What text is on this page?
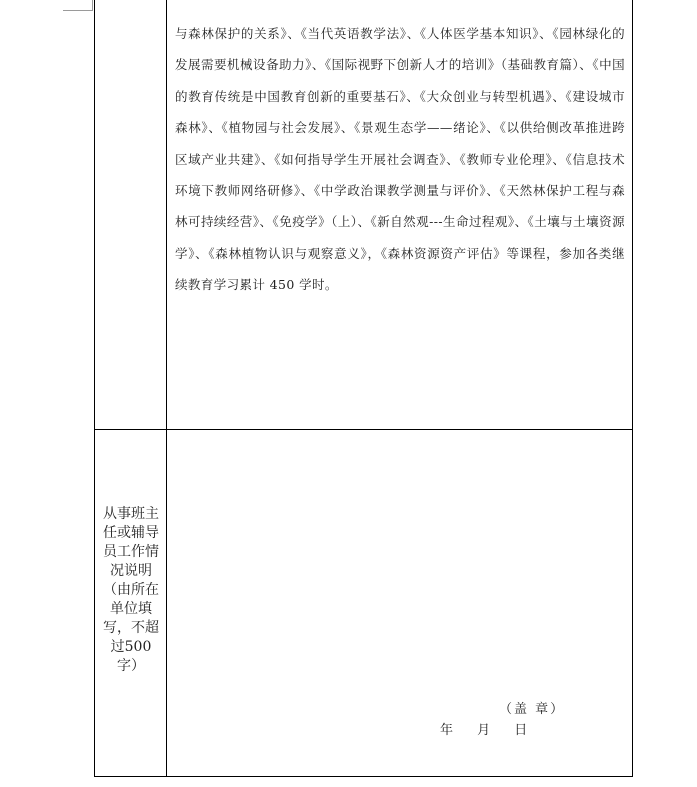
与森林保护的关系》、《当代英语教学法》、《人体医学基本知识》、《园林绿化的发展需要机械设备助力》、《国际视野下创新人才的培训》（基础教育篇）、《中国的教育传统是中国教育创新的重要基石》、《大众创业与转型机遇》、《建设城市森林》、《植物园与社会发展》、《景观生态学——绪论》、《以供给侧改革推进跨区域产业共建》、《如何指导学生开展社会调查》、《教师专业伦理》、《信息技术环境下教师网络研修》、《中学政治课教学测量与评价》、《天然林保护工程与森林可持续经营》、《免疫学》（上）、《新自然观---生命过程观》、《土壤与土壤资源学》、《森林植物认识与观察意义》，《森林资源资产评估》等课程，参加各类继续教育学习累计 450 学时。

从事班主任或辅导员工作情况说明（由所在单位填写，不超过500字）

（盖 章）
年 月 日
